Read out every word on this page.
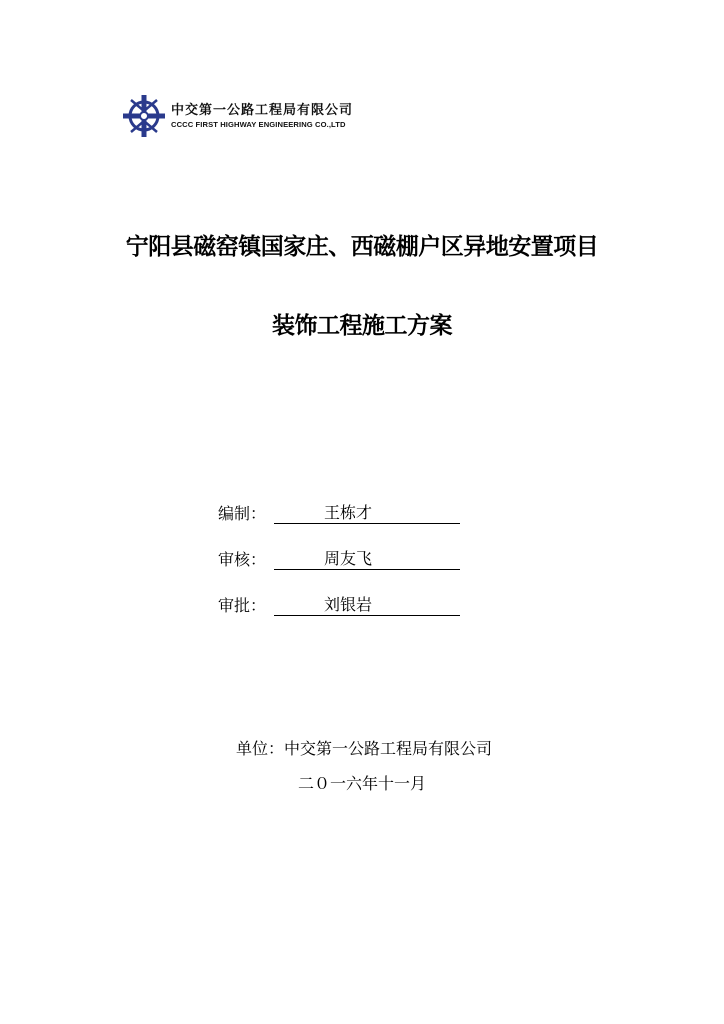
中交第一公路工程局有限公司
CCCC FIRST HIGHWAY ENGINEERING CO.,LTD
宁阳县磁窑镇国家庄、西磁棚户区异地安置项目
装饰工程施工方案
编制：	王栋才
审核：	周友飞
审批：	刘银岩
单位：中交第一公路工程局有限公司
二０一六年十一月
